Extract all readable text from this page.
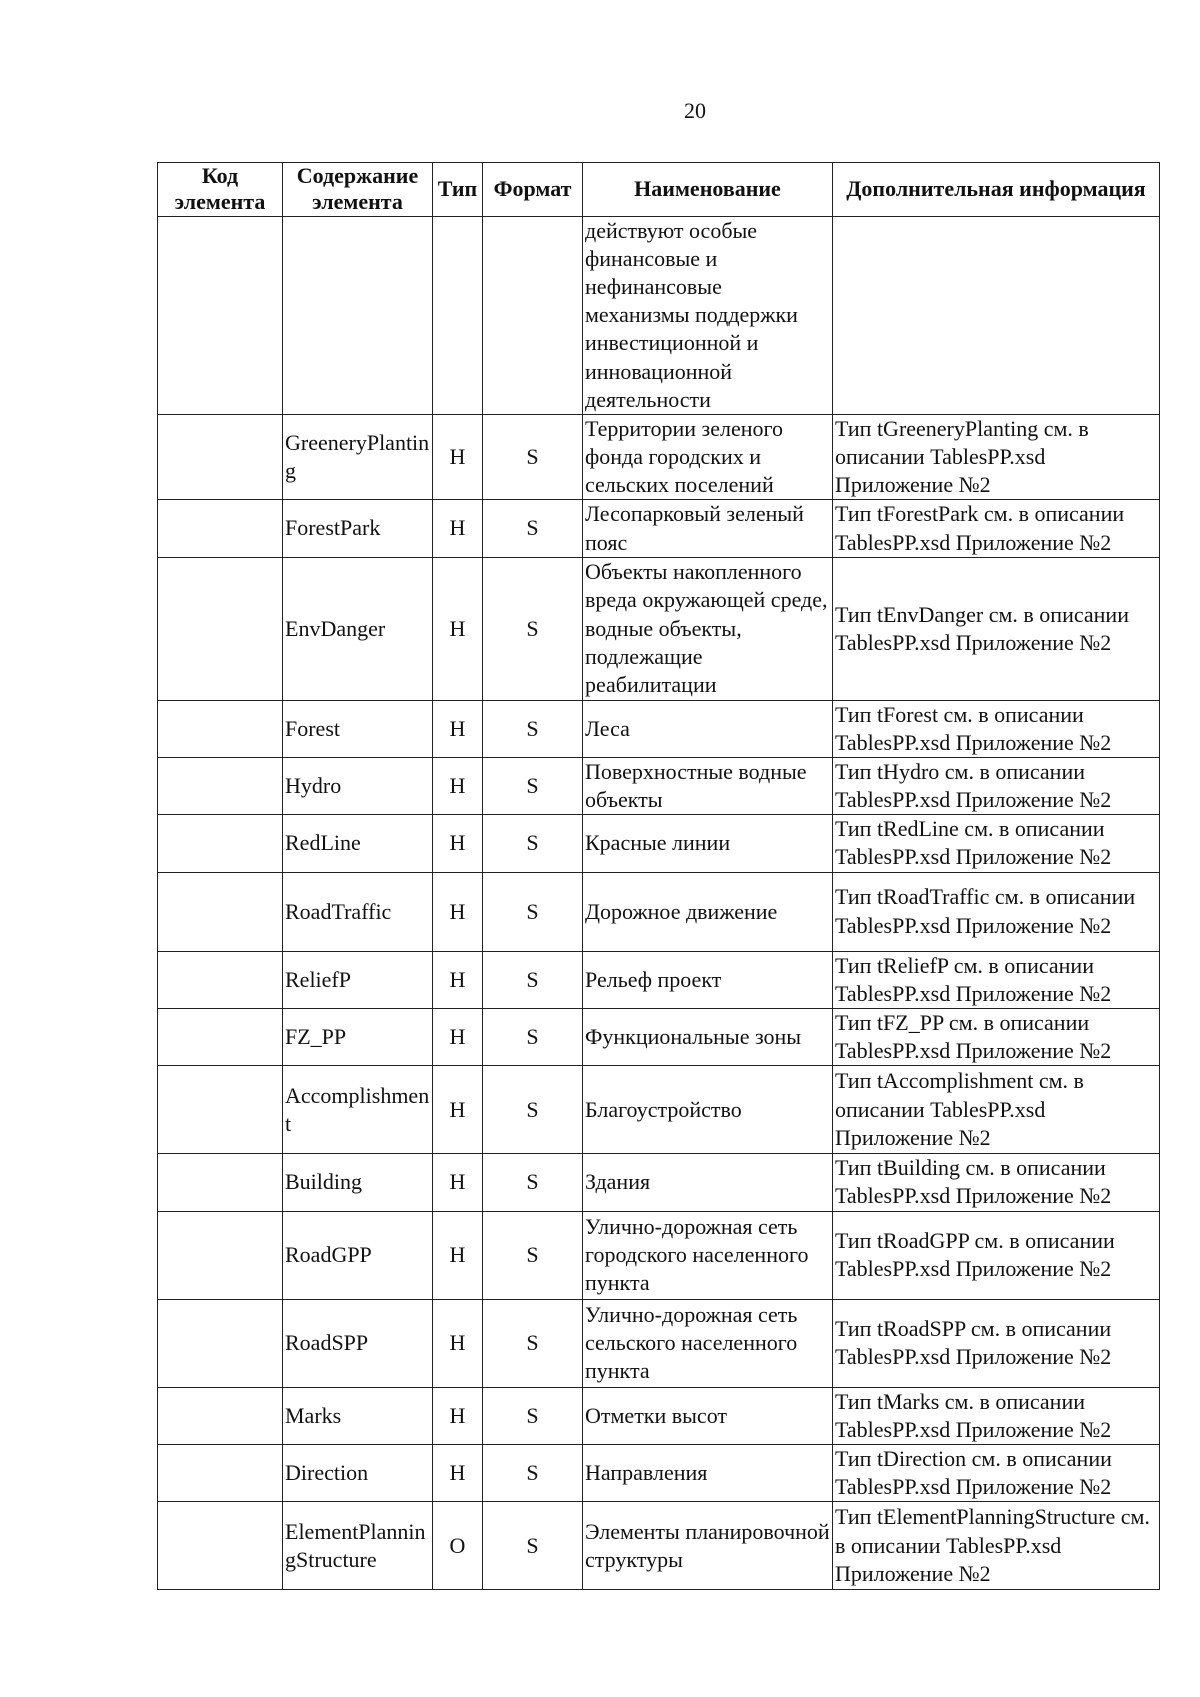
20
Код элемента	Содержание элемента	Тип	Формат	Наименование	Дополнительная информация
				действуют особые финансовые и нефинансовые механизмы поддержки инвестиционной и инновационной деятельности	
	GreeneryPlanting	H	S	Территории зеленого фонда городских и сельских поселений	Тип tGreeneryPlanting см. в описании TablesPP.xsd Приложение №2
	ForestPark	H	S	Лесопарковый зеленый пояс	Тип tForestPark см. в описании TablesPP.xsd Приложение №2
	EnvDanger	H	S	Объекты накопленного вреда окружающей среде, водные объекты, подлежащие реабилитации	Тип tEnvDanger см. в описании TablesPP.xsd Приложение №2
	Forest	H	S	Леса	Тип tForest см. в описании TablesPP.xsd Приложение №2
	Hydro	H	S	Поверхностные водные объекты	Тип tHydro см. в описании TablesPP.xsd Приложение №2
	RedLine	H	S	Красные линии	Тип tRedLine см. в описании TablesPP.xsd Приложение №2
	RoadTraffic	H	S	Дорожное движение	Тип tRoadTraffic см. в описании TablesPP.xsd Приложение №2
	ReliefP	H	S	Рельеф проект	Тип tReliefP см. в описании TablesPP.xsd Приложение №2
	FZ_PP	H	S	Функциональные зоны	Тип tFZ_PP см. в описании TablesPP.xsd Приложение №2
	Accomplishment	H	S	Благоустройство	Тип tAccomplishment см. в описании TablesPP.xsd Приложение №2
	Building	H	S	Здания	Тип tBuilding см. в описании TablesPP.xsd Приложение №2
	RoadGPP	H	S	Улично-дорожная сеть городского населенного пункта	Тип tRoadGPP см. в описании TablesPP.xsd Приложение №2
	RoadSPP	H	S	Улично-дорожная сеть сельского населенного пункта	Тип tRoadSPP см. в описании TablesPP.xsd Приложение №2
	Marks	H	S	Отметки высот	Тип tMarks см. в описании TablesPP.xsd Приложение №2
	Direction	H	S	Направления	Тип tDirection см. в описании TablesPP.xsd Приложение №2
	ElementPlanningStructure	O	S	Элементы планировочной структуры	Тип tElementPlanningStructure см. в описании TablesPP.xsd Приложение №2
